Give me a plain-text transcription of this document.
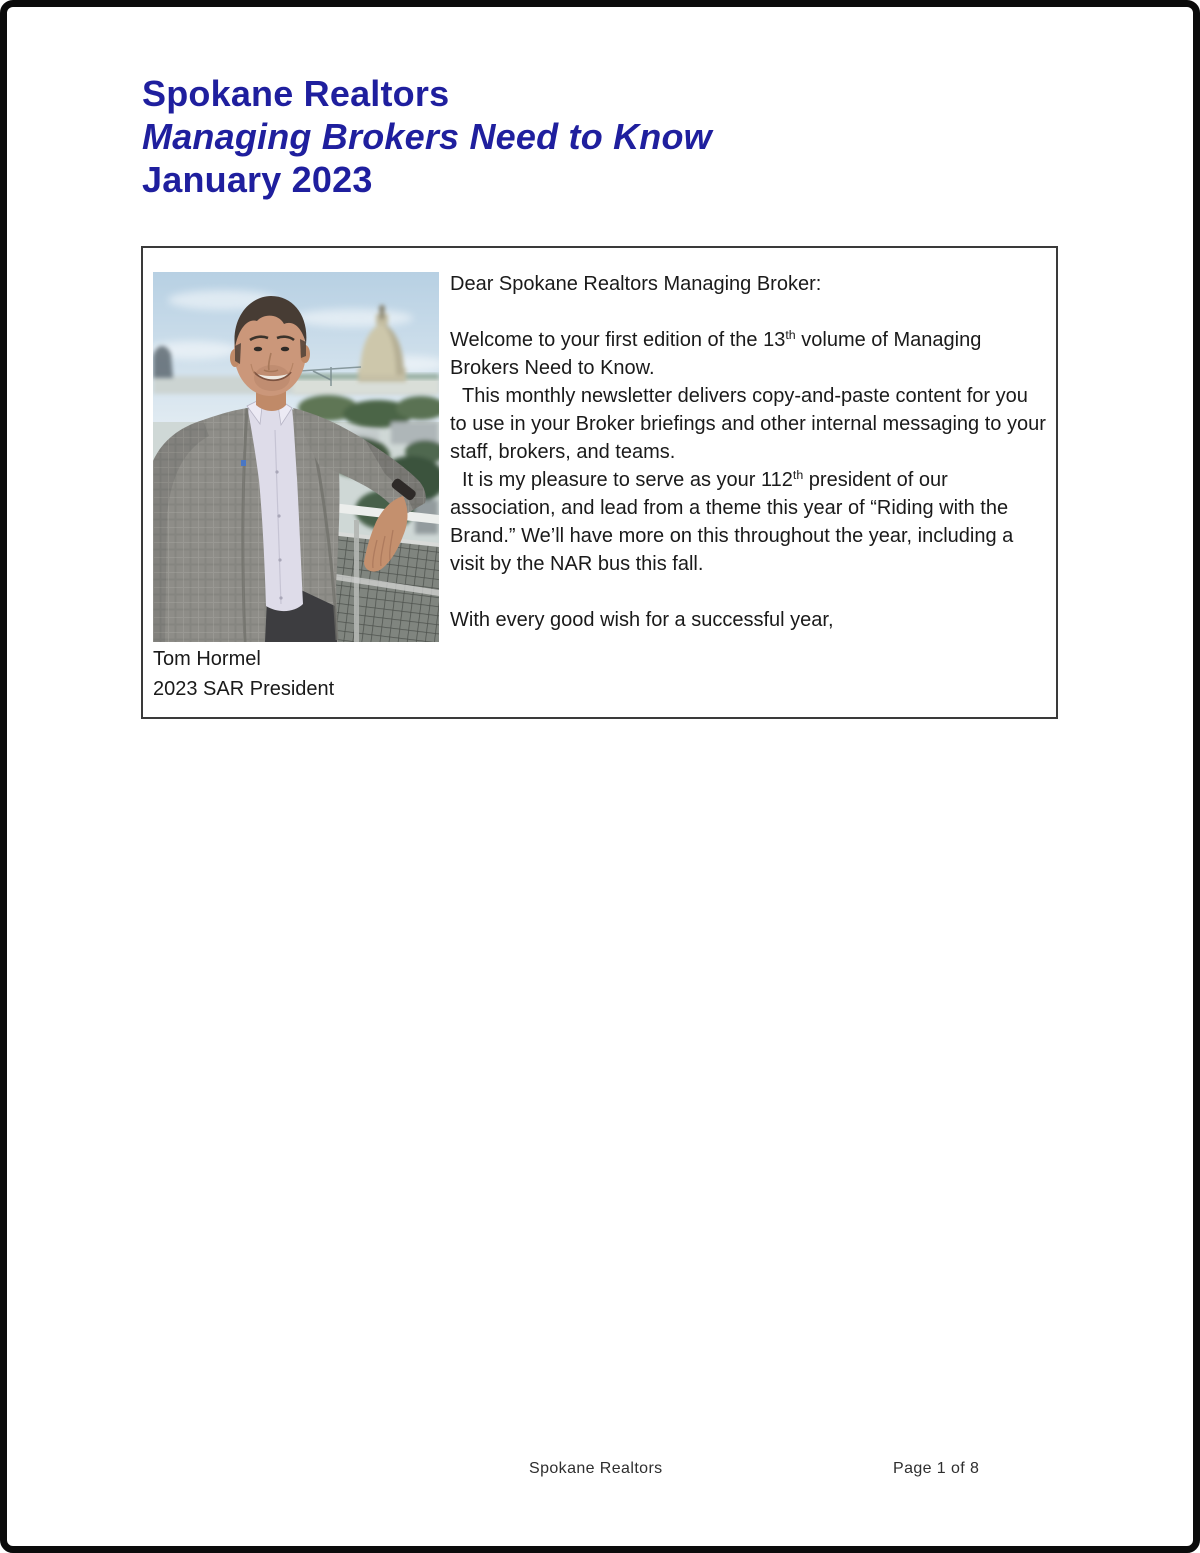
Spokane Realtors
Managing Brokers Need to Know
January 2023
Tom Hormel
2023 SAR President

Dear Spokane Realtors Managing Broker:

Welcome to your first edition of the 13th volume of Managing Brokers Need to Know.

This monthly newsletter delivers copy-and-paste content for you to use in your Broker briefings and other internal messaging to your staff, brokers, and teams.

It is my pleasure to serve as your 112th president of our association, and lead from a theme this year of “Riding with the Brand.” We’ll have more on this throughout the year, including a visit by the NAR bus this fall.

With every good wish for a successful year,

Spokane Realtors	Page 1 of 8
